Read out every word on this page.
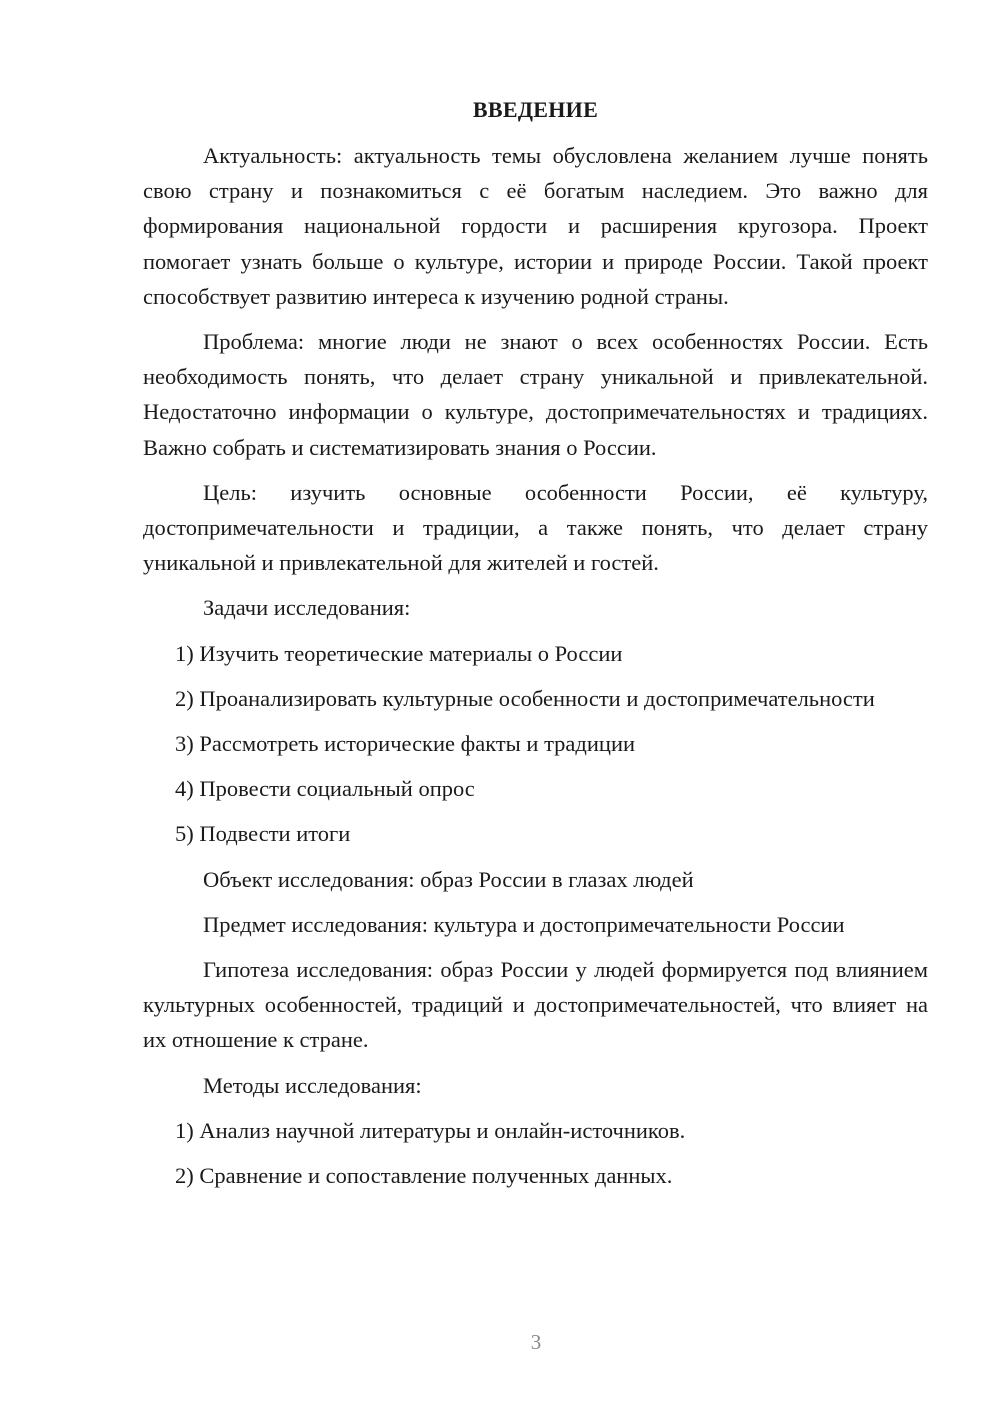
ВВЕДЕНИЕ

Актуальность: актуальность темы обусловлена желанием лучше понять свою страну и познакомиться с её богатым наследием. Это важно для формирования национальной гордости и расширения кругозора. Проект помогает узнать больше о культуре, истории и природе России. Такой проект способствует развитию интереса к изучению родной страны.

Проблема: многие люди не знают о всех особенностях России. Есть необходимость понять, что делает страну уникальной и привлекательной. Недостаточно информации о культуре, достопримечательностях и традициях. Важно собрать и систематизировать знания о России.

Цель: изучить основные особенности России, её культуру, достопримечательности и традиции, а также понять, что делает страну уникальной и привлекательной для жителей и гостей.

Задачи исследования:

1) Изучить теоретические материалы о России

2) Проанализировать культурные особенности и достопримечательности

3) Рассмотреть исторические факты и традиции

4) Провести социальный опрос

5) Подвести итоги

Объект исследования: образ России в глазах людей

Предмет исследования: культура и достопримечательности России

Гипотеза исследования: образ России у людей формируется под влиянием культурных особенностей, традиций и достопримечательностей, что влияет на их отношение к стране.

Методы исследования:

1) Анализ научной литературы и онлайн-источников.

2) Сравнение и сопоставление полученных данных.

3
